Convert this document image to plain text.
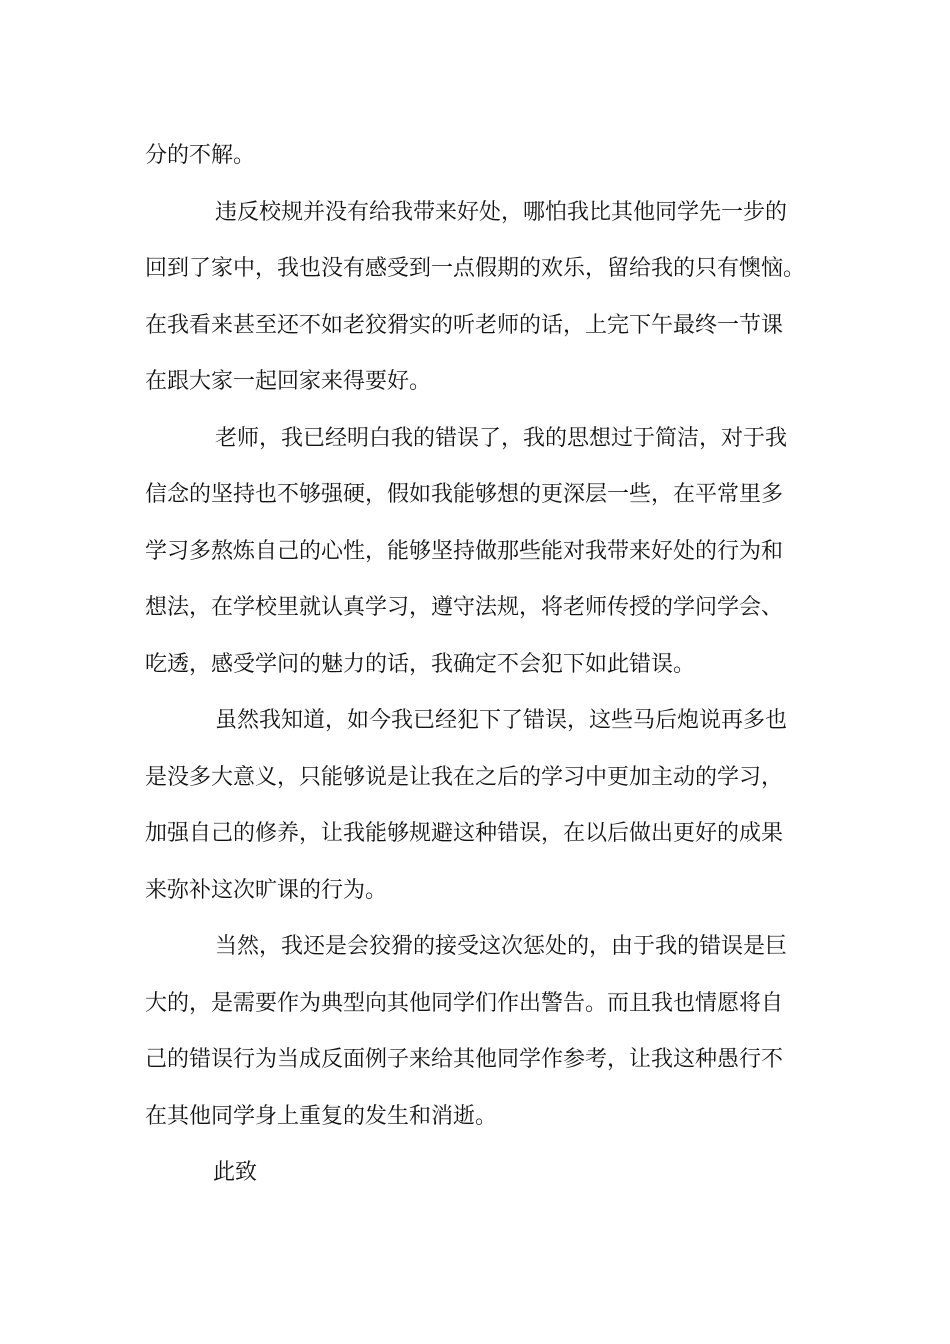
分的不解。
违反校规并没有给我带来好处，哪怕我比其他同学先一步的
回到了家中，我也没有感受到一点假期的欢乐，留给我的只有懊恼。
在我看来甚至还不如老狡猾实的听老师的话，上完下午最终一节课
在跟大家一起回家来得要好。
老师，我已经明白我的错误了，我的思想过于简洁，对于我
信念的坚持也不够强硬，假如我能够想的更深层一些，在平常里多
学习多熬炼自己的心性，能够坚持做那些能对我带来好处的行为和
想法，在学校里就认真学习，遵守法规，将老师传授的学问学会、
吃透，感受学问的魅力的话，我确定不会犯下如此错误。
虽然我知道，如今我已经犯下了错误，这些马后炮说再多也
是没多大意义，只能够说是让我在之后的学习中更加主动的学习，
加强自己的修养，让我能够规避这种错误，在以后做出更好的成果
来弥补这次旷课的行为。
当然，我还是会狡猾的接受这次惩处的，由于我的错误是巨
大的，是需要作为典型向其他同学们作出警告。而且我也情愿将自
己的错误行为当成反面例子来给其他同学作参考，让我这种愚行不
在其他同学身上重复的发生和消逝。
此致
